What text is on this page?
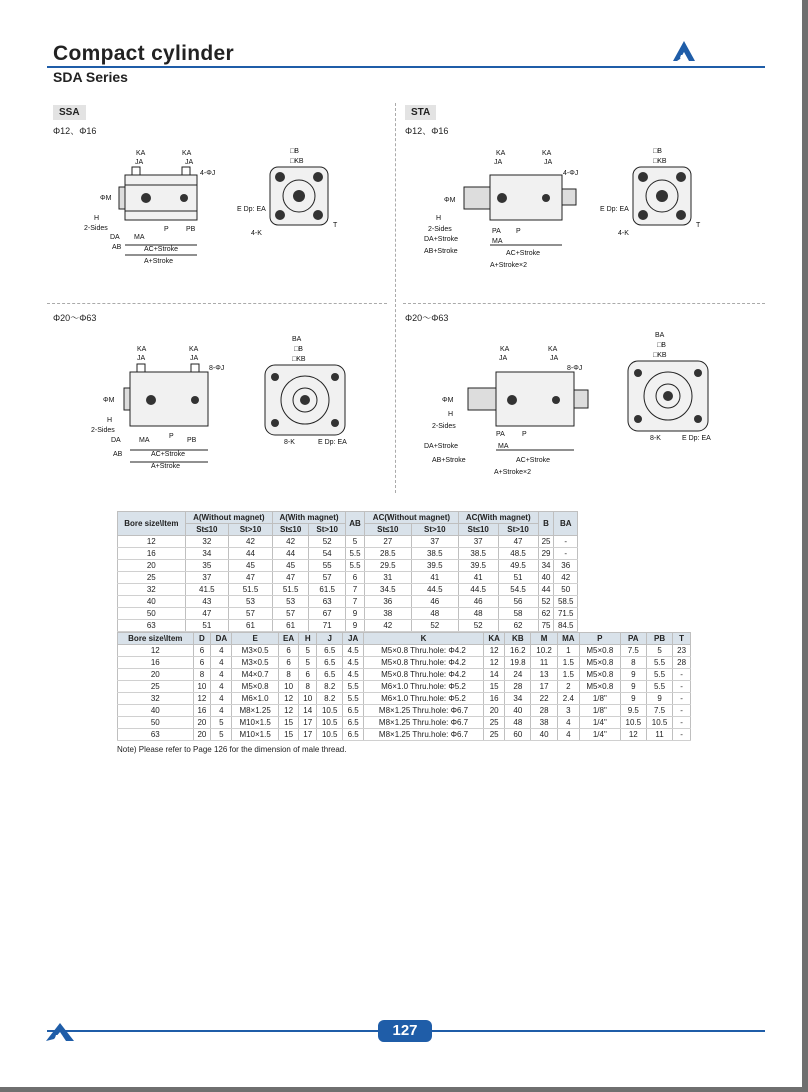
Compact cylinder
SDA Series
SSA
Φ12、Φ16
STA
Φ12、Φ16
Φ20～Φ63	Φ20～Φ63
KA	KA
JA	JA
4-ΦJ
ΦM
H
2-Sides
DA MA
AB
P PB
AC+Stroke
A+Stroke
□B
□KB
E Dp: EA
4-K
T
KA	KA
JA	JA
4-ΦJ
ΦM
H
2-Sides
DA+Stroke
AB+Stroke
PA P
MA
AC+Stroke
A+Stroke×2
□B
□KB
E Dp: EA
4-K
T
KA	KA
JA	JA
8-ΦJ
ΦM
H
2-Sides
DA	MA
AB
P
PB
AC+Stroke
A+Stroke
BA
□B
□KB
8-K	E Dp: EA
KA	KA
JA	JA
8-ΦJ
ΦM
H
2-Sides
DA+Stroke
AB+Stroke
PA P
MA
AC+Stroke
A+Stroke×2
BA
□B
□KB
8-K	E Dp: EA
Bore size\Item	A(Without magnet)		A(With magnet)		AB	AC(Without magnet)		AC(With magnet)		B	BA
	St≤10	St>10	St≤10	St>10		St≤10	St>10	St≤10	St>10		
12	32	42	42	52	5	27	37	37	47	25	-
16	34	44	44	54	5.5	28.5	38.5	38.5	48.5	29	-
20	35	45	45	55	5.5	29.5	39.5	39.5	49.5	34	36
25	37	47	47	57	6	31	41	41	51	40	42
32	41.5	51.5	51.5	61.5	7	34.5	44.5	44.5	54.5	44	50
40	43	53	53	63	7	36	46	46	56	52	58.5
50	47	57	57	67	9	38	48	48	58	62	71.5
63	51	61	61	71	9	42	52	52	62	75	84.5
Bore size\Item	D	DA	E	EA	H	J	JA	K	KA	KB	M	MA	P	PA	PB	T
12	6	4	M3×0.5	6	5	6.5	4.5	M5×0.8 Thru.hole: Φ4.2	12	16.2	10.2	1	M5×0.8	7.5	5	23
16	6	4	M3×0.5	6	5	6.5	4.5	M5×0.8 Thru.hole: Φ4.2	12	19.8	11	1.5	M5×0.8	8	5.5	28
20	8	4	M4×0.7	8	6	6.5	4.5	M5×0.8 Thru.hole: Φ4.2	14	24	13	1.5	M5×0.8	9	5.5	-
25	10	4	M5×0.8	10	8	8.2	5.5	M6×1.0 Thru.hole: Φ5.2	15	28	17	2	M5×0.8	9	5.5	-
32	12	4	M6×1.0	12	10	8.2	5.5	M6×1.0 Thru.hole: Φ5.2	16	34	22	2.4	1/8"	9	9	-
40	16	4	M8×1.25	12	14	10.5	6.5	M8×1.25 Thru.hole: Φ6.7	20	40	28	3	1/8"	9.5	7.5	-
50	20	5	M10×1.5	15	17	10.5	6.5	M8×1.25 Thru.hole: Φ6.7	25	48	38	4	1/4"	10.5	10.5	-
63	20	5	M10×1.5	15	17	10.5	6.5	M8×1.25 Thru.hole: Φ6.7	25	60	40	4	1/4"	12	11	-
Note) Please refer to Page 126 for the dimension of male thread.
127
